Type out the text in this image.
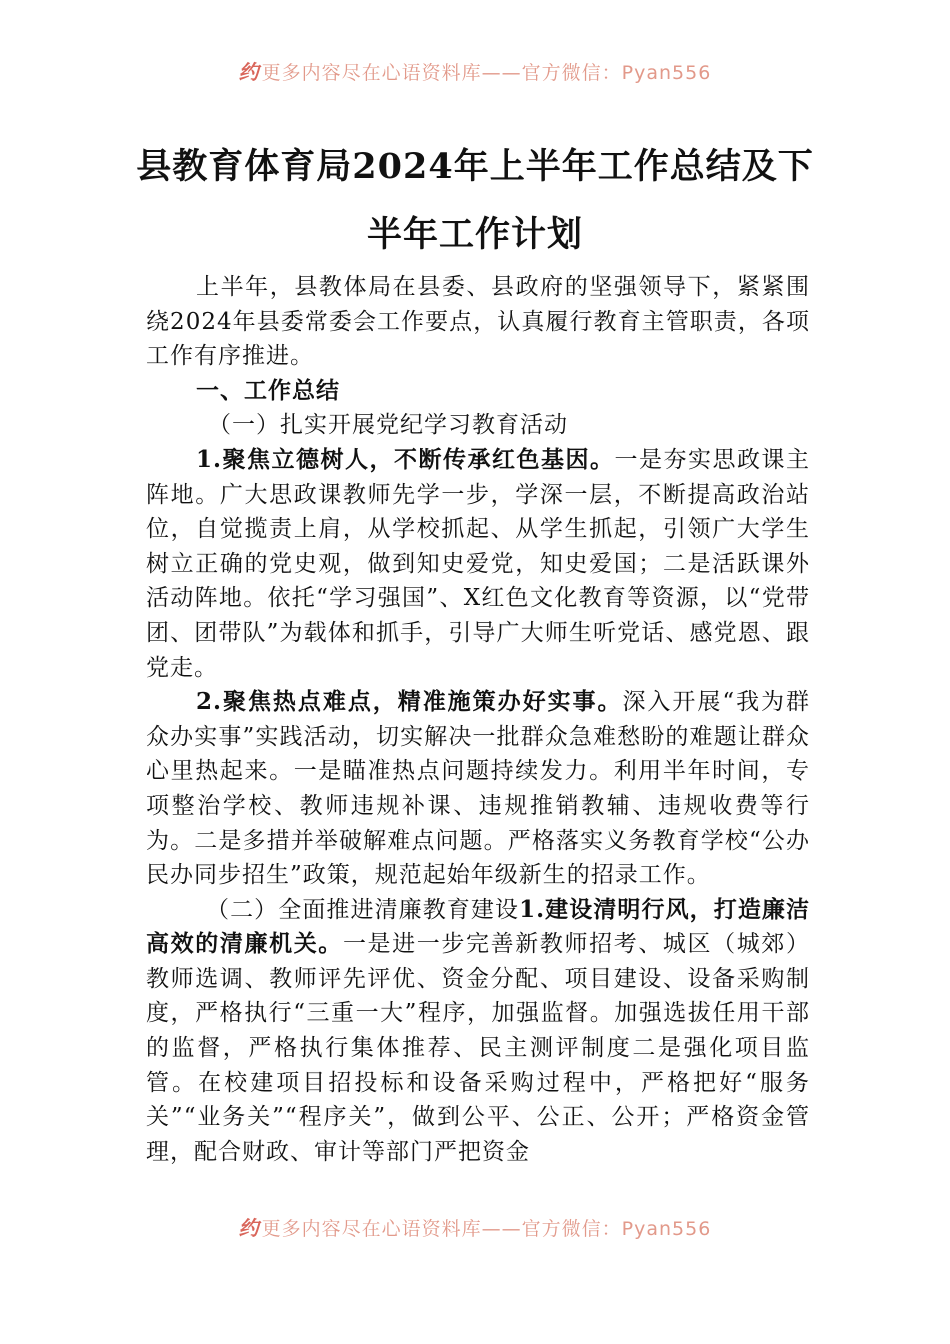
约 更多内容尽在心语资料库——官方微信：Pyan556
县教育体育局2024年上半年工作总结及下
半年工作计划

上半年，县教体局在县委、县政府的坚强领导下，紧紧围绕2024年县委常委会工作要点，认真履行教育主管职责，各项工作有序推进。

一、工作总结

（一）扎实开展党纪学习教育活动

1.聚焦立德树人，不断传承红色基因。一是夯实思政课主阵地。广大思政课教师先学一步，学深一层，不断提高政治站位，自觉揽责上肩，从学校抓起、从学生抓起，引领广大学生树立正确的党史观，做到知史爱党，知史爱国；二是活跃课外活动阵地。依托“学习强国”、X红色文化教育等资源，以“党带团、团带队”为载体和抓手，引导广大师生听党话、感党恩、跟党走。

2.聚焦热点难点，精准施策办好实事。深入开展“我为群众办实事”实践活动，切实解决一批群众急难愁盼的难题让群众心里热起来。一是瞄准热点问题持续发力。利用半年时间，专项整治学校、教师违规补课、违规推销教辅、违规收费等行为。二是多措并举破解难点问题。严格落实义务教育学校“公办民办同步招生”政策，规范起始年级新生的招录工作。

（二）全面推进清廉教育建设1.建设清明行风，打造廉洁高效的清廉机关。一是进一步完善新教师招考、城区（城郊）教师选调、教师评先评优、资金分配、项目建设、设备采购制度，严格执行“三重一大”程序，加强监督。加强选拔任用干部的监督，严格执行集体推荐、民主测评制度二是强化项目监管。在校建项目招投标和设备采购过程中，严格把好“服务关”“业务关”“程序关”，做到公平、公正、公开；严格资金管理，配合财政、审计等部门严把资金

约 更多内容尽在心语资料库——官方微信：Pyan556
